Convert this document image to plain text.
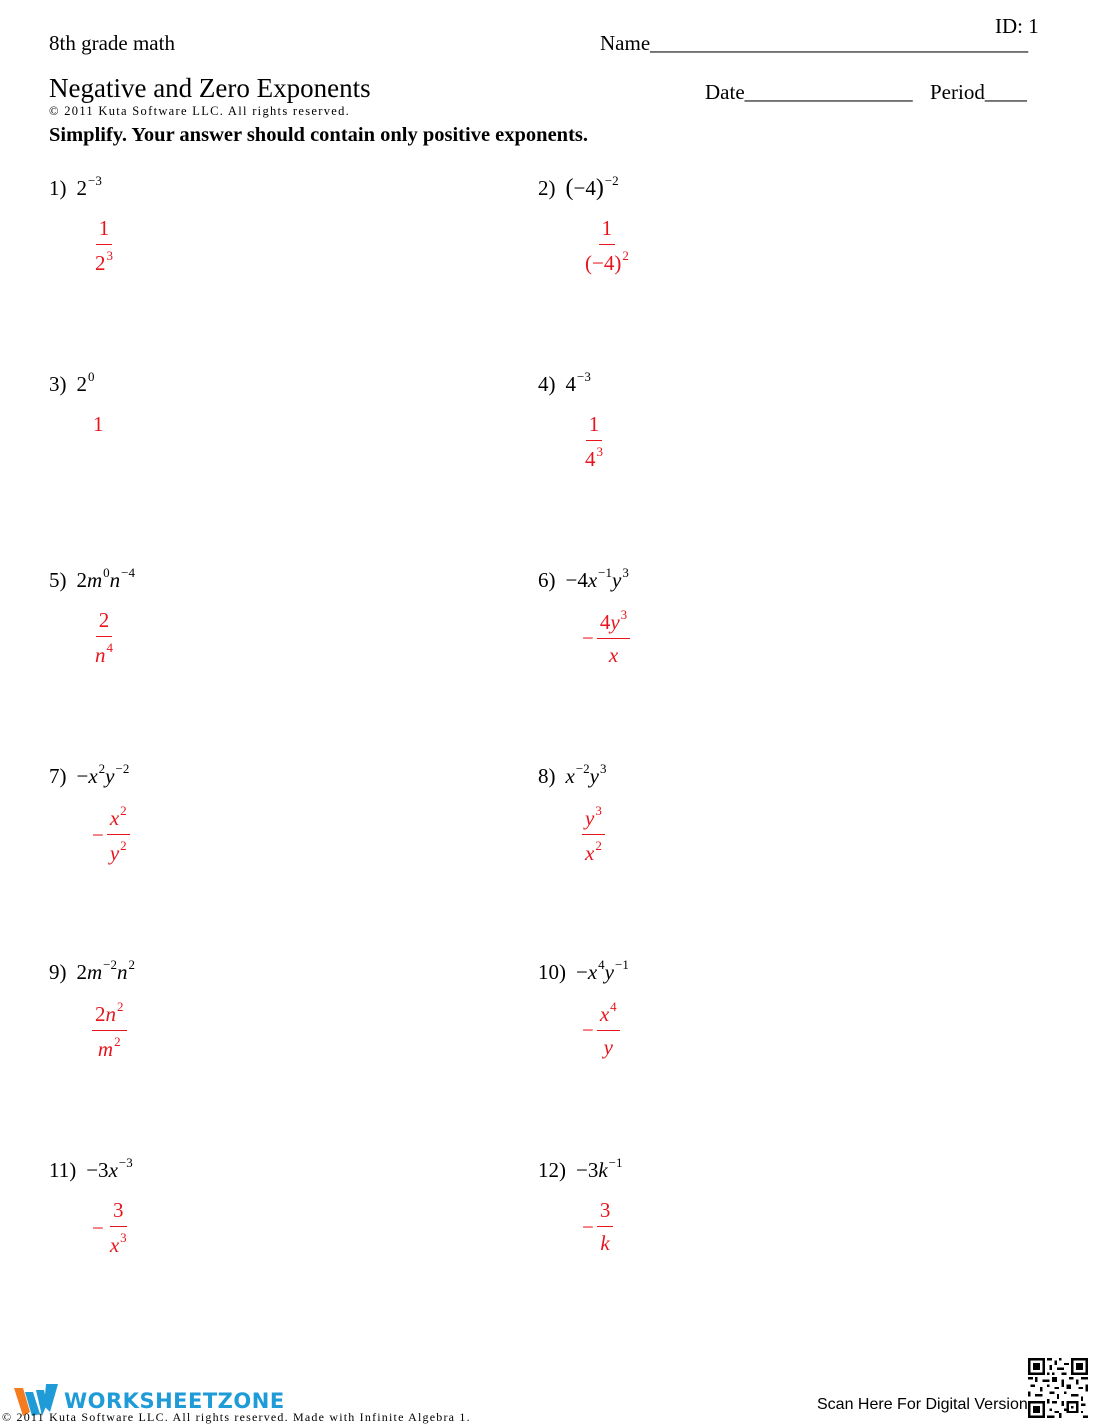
ID: 1
8th grade math	Name____________________________________
Negative and Zero Exponents	Date________________ Period____
© 2011 Kuta Software LLC. All rights reserved.
Simplify. Your answer should contain only positive exponents.
1) $2^{-3}$
$\frac{1}{2^3}$
2) $(-4)^{-2}$
$\frac{1}{(-4)^2}$
3) $2^0$
1
4) $4^{-3}$
$\frac{1}{4^3}$
5) $2m^0n^{-4}$
$\frac{2}{n^4}$
$6) -4x^{-1}y^3$
− $\frac{4y^3}{x}$
$7) -x^2y^{-2}$
− $\frac{x^2}{y^2}$
8) $x^{-2}y^3$
$\frac{y^3}{x^2}$
9) $2m^{-2}n^2$
$\frac{2n^2}{m^2}$
$10) -x^4y^{-1}$
− $\frac{x^4}{y}$
$11) -3x^{-3}$
− $\frac{3}{x^3}$
$12) -3k^{-1}$
− $\frac{3}{k}$
WORKSHEETZONE
© 2011 Kuta Software LLC. All rights reserved. Made with Infinite Algebra 1.
Scan Here For Digital Version
